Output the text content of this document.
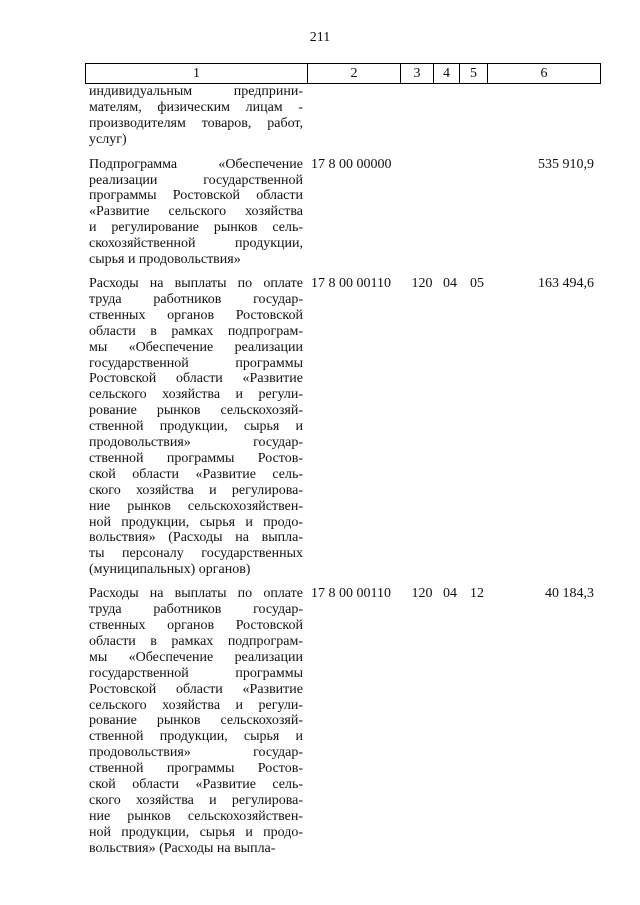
211
1	2	3	4	5	6
индивидуальным предприни-
мателям, физическим лицам -
производителям товаров, работ,
услуг)
Подпрограмма «Обеспечение
реализации государственной
программы Ростовской области
«Развитие сельского хозяйства
и регулирование рынков сель-
скохозяйственной продукции,
сырья и продовольствия»
17 8 00 00000	535 910,9
Расходы на выплаты по оплате
труда работников государ-
ственных органов Ростовской
области в рамках подпрограм-
мы «Обеспечение реализации
государственной программы
Ростовской области «Развитие
сельского хозяйства и регули-
рование рынков сельскохозяй-
ственной продукции, сырья и
продовольствия» государ-
ственной программы Ростов-
ской области «Развитие сель-
ского хозяйства и регулирова-
ние рынков сельскохозяйствен-
ной продукции, сырья и продо-
вольствия» (Расходы на выпла-
ты персоналу государственных
(муниципальных) органов)
17 8 00 00110	120 04 05	163 494,6
Расходы на выплаты по оплате
труда работников государ-
ственных органов Ростовской
области в рамках подпрограм-
мы «Обеспечение реализации
государственной программы
Ростовской области «Развитие
сельского хозяйства и регули-
рование рынков сельскохозяй-
ственной продукции, сырья и
продовольствия» государ-
ственной программы Ростов-
ской области «Развитие сель-
ского хозяйства и регулирова-
ние рынков сельскохозяйствен-
ной продукции, сырья и продо-
вольствия» (Расходы на выпла-
17 8 00 00110	120 04 12	40 184,3
